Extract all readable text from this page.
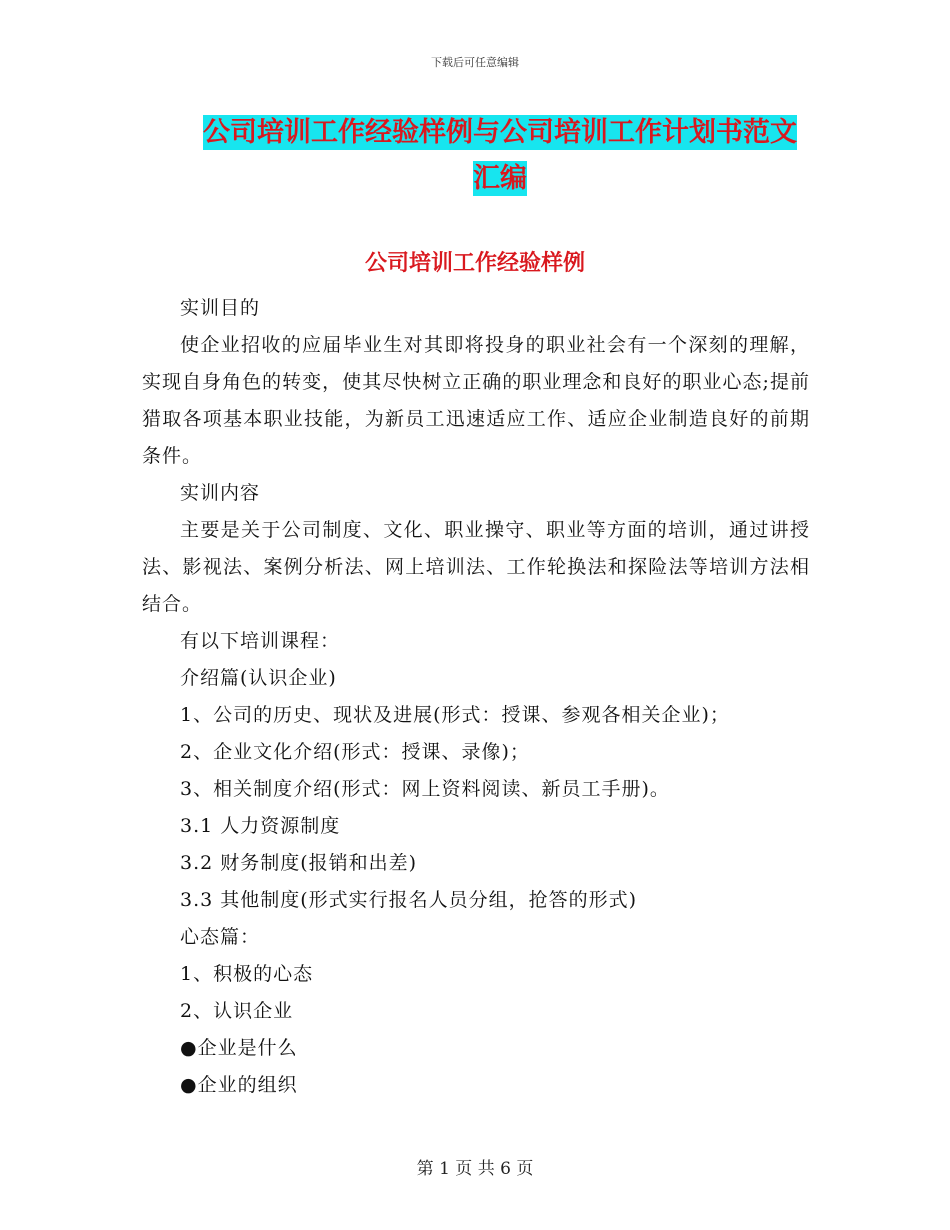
下载后可任意编辑
公司培训工作经验样例与公司培训工作计划书范文汇编
公司培训工作经验样例

实训目的

使企业招收的应届毕业生对其即将投身的职业社会有一个深刻的理解，实现自身角色的转变，使其尽快树立正确的职业理念和良好的职业心态;提前猎取各项基本职业技能，为新员工迅速适应工作、适应企业制造良好的前期条件。

实训内容

主要是关于公司制度、文化、职业操守、职业等方面的培训，通过讲授法、影视法、案例分析法、网上培训法、工作轮换法和探险法等培训方法相结合。

有以下培训课程：

介绍篇(认识企业)

1、公司的历史、现状及进展(形式：授课、参观各相关企业)；

2、企业文化介绍(形式：授课、录像)；

3、相关制度介绍(形式：网上资料阅读、新员工手册)。

3.1 人力资源制度

3.2 财务制度(报销和出差)

3.3 其他制度(形式实行报名人员分组，抢答的形式)

心态篇：

1、积极的心态

2、认识企业

●企业是什么

●企业的组织

第 1 页 共 6 页
